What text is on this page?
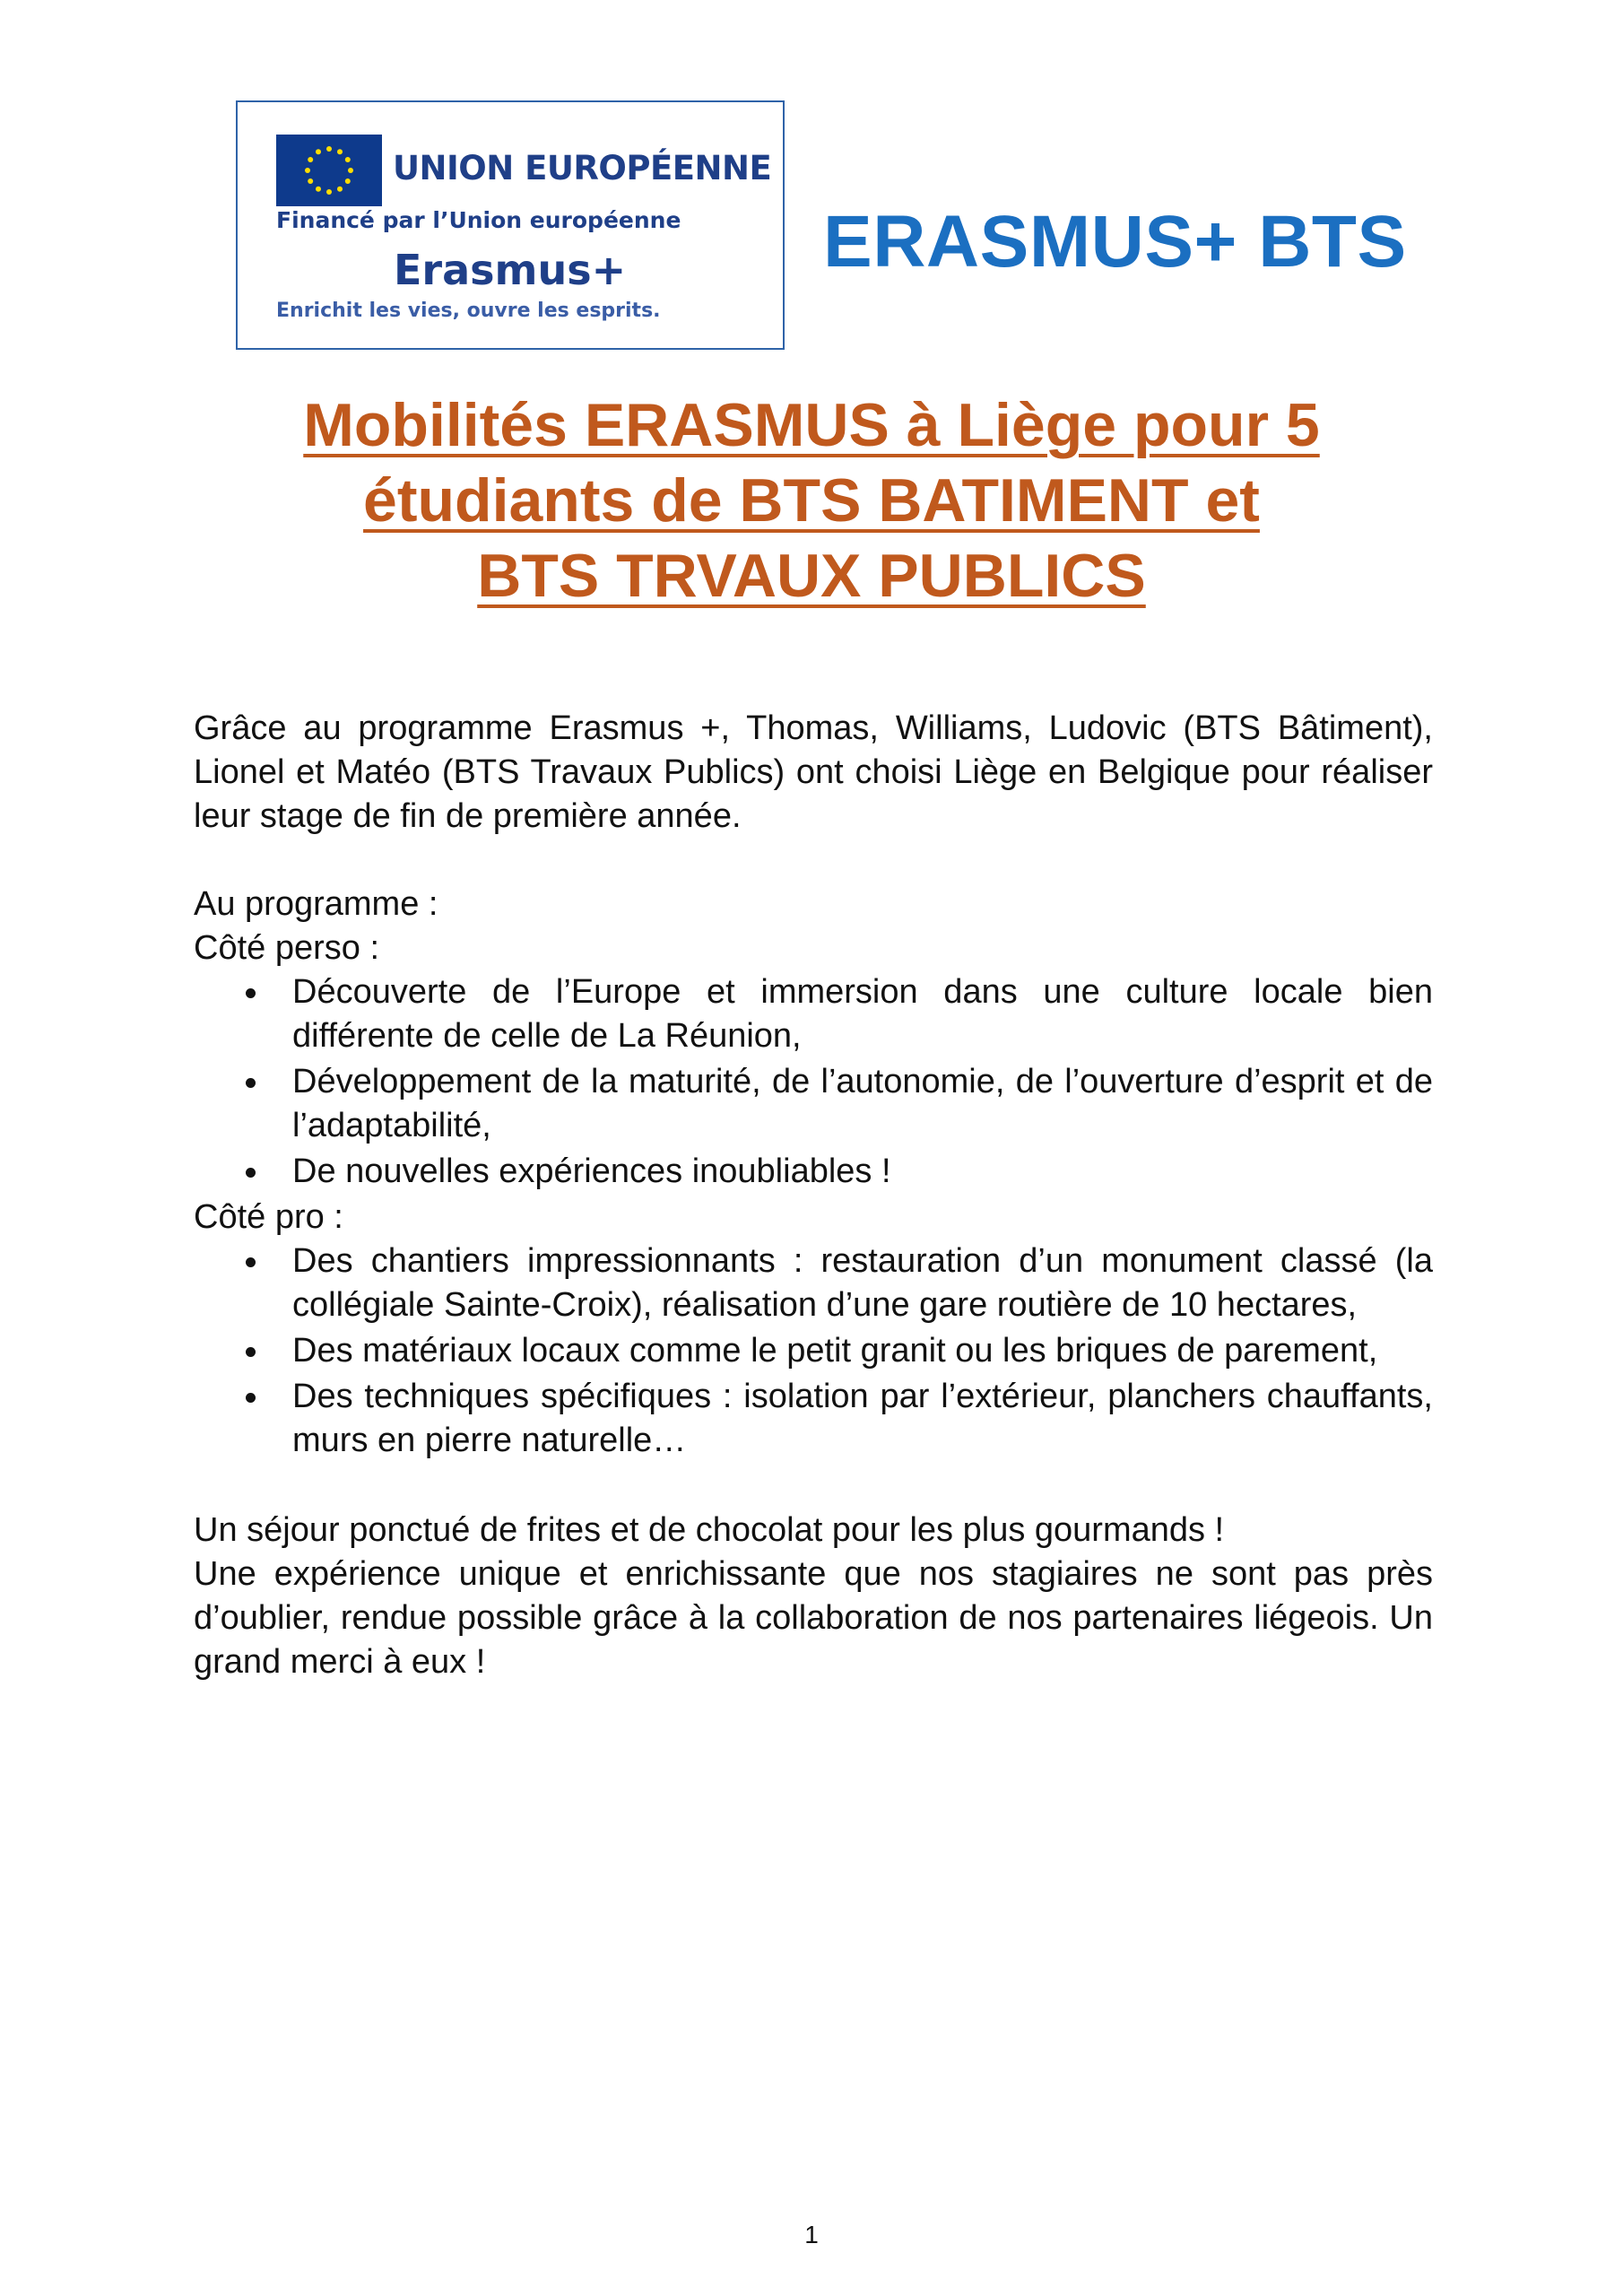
UNION EUROPÉENNE
Financé par l’Union européenne
Erasmus+
Enrichit les vies, ouvre les esprits.
ERASMUS+ BTS
Mobilités ERASMUS à Liège pour 5
étudiants de BTS BATIMENT et
BTS TRVAUX PUBLICS

Grâce au programme Erasmus +, Thomas, Williams, Ludovic (BTS Bâtiment), Lionel et Matéo (BTS Travaux Publics) ont choisi Liège en Belgique pour réaliser leur stage de fin de première année.

Au programme :

Côté perso :

Découverte de l’Europe et immersion dans une culture locale bien différente de celle de La Réunion,
Développement de la maturité, de l’autonomie, de l’ouverture d’esprit et de l’adaptabilité,
De nouvelles expériences inoubliables !

Côté pro :

Des chantiers impressionnants : restauration d’un monument classé (la collégiale Sainte-Croix), réalisation d’une gare routière de 10 hectares,
Des matériaux locaux comme le petit granit ou les briques de parement,
Des techniques spécifiques : isolation par l’extérieur, planchers chauffants, murs en pierre naturelle…

Un séjour ponctué de frites et de chocolat pour les plus gourmands !

Une expérience unique et enrichissante que nos stagiaires ne sont pas près d’oublier, rendue possible grâce à la collaboration de nos partenaires liégeois. Un grand merci à eux !

1
